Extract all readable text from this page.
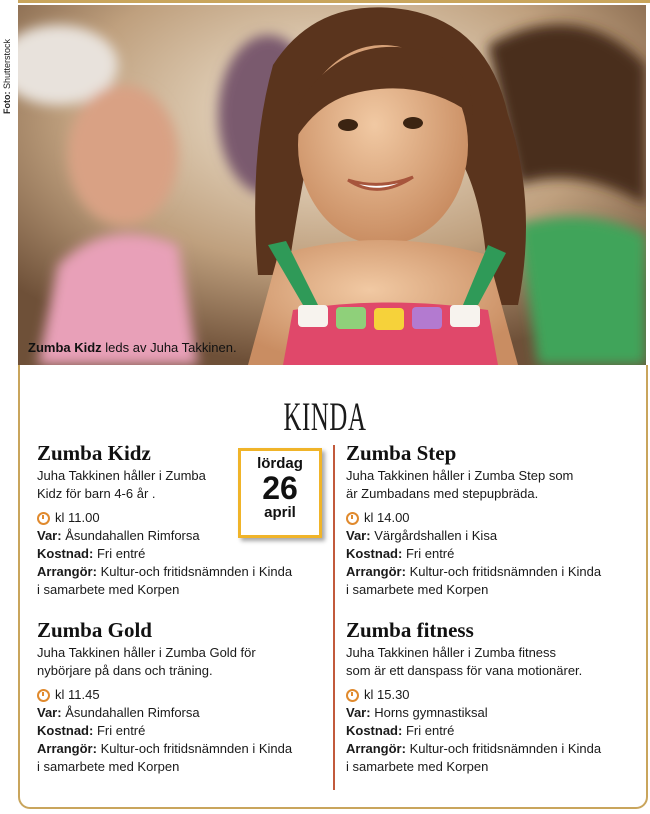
Foto: Shutterstock
Zumba Kidz leds av Juha Takkinen.
KINDA
lördag
26
april
Zumba Kidz

Juha Takkinen håller i Zumba

Kidz för barn 4-6 år .

kl 11.00

Var: Åsundahallen Rimforsa

Kostnad: Fri entré

Arrangör: Kultur-och fritidsnämnden i Kinda

i samarbete med Korpen

Zumba Step

Juha Takkinen håller i Zumba Step som

är Zumbadans med stepupbräda.

kl 14.00

Var: Värgårdshallen i Kisa

Kostnad: Fri entré

Arrangör: Kultur-och fritidsnämnden i Kinda

i samarbete med Korpen

Zumba Gold

Juha Takkinen håller i Zumba Gold för

nybörjare på dans och träning.

kl 11.45

Var: Åsundahallen Rimforsa

Kostnad: Fri entré

Arrangör: Kultur-och fritidsnämnden i Kinda

i samarbete med Korpen

Zumba fitness

Juha Takkinen håller i Zumba fitness

som är ett danspass för vana motionärer.

kl 15.30

Var: Horns gymnastiksal

Kostnad: Fri entré

Arrangör: Kultur-och fritidsnämnden i Kinda

i samarbete med Korpen
